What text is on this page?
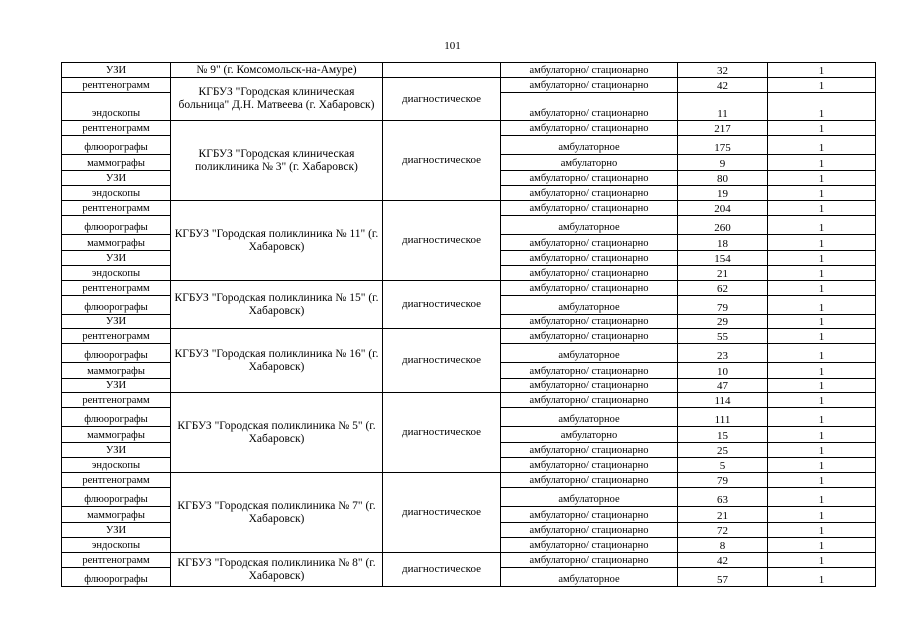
101
УЗИ	№ 9" (г. Комсомольск-на-Амуре)		амбулаторно/ стационарно	32	1
рентгенограмм	КГБУЗ "Городская клиническая больница" Д.Н. Матвеева (г. Хабаровск)	диагностическое	амбулаторно/ стационарно	42	1
эндоскопы			амбулаторно/ стационарно	11	1
рентгенограмм	КГБУЗ "Городская клиническая поликлиника № 3" (г. Хабаровск)	диагностическое	амбулаторно/ стационарно	217	1
флюорографы			амбулаторное	175	1
маммографы			амбулаторно	9	1
УЗИ			амбулаторно/ стационарно	80	1
эндоскопы			амбулаторно/ стационарно	19	1
рентгенограмм	КГБУЗ "Городская поликлиника № 11" (г. Хабаровск)	диагностическое	амбулаторно/ стационарно	204	1
флюорографы			амбулаторное	260	1
маммографы			амбулаторно/ стационарно	18	1
УЗИ			амбулаторно/ стационарно	154	1
эндоскопы			амбулаторно/ стационарно	21	1
рентгенограмм	КГБУЗ "Городская поликлиника № 15" (г. Хабаровск)	диагностическое	амбулаторно/ стационарно	62	1
флюорографы			амбулаторное	79	1
УЗИ			амбулаторно/ стационарно	29	1
рентгенограмм	КГБУЗ "Городская поликлиника № 16" (г. Хабаровск)	диагностическое	амбулаторно/ стационарно	55	1
флюорографы			амбулаторное	23	1
маммографы			амбулаторно/ стационарно	10	1
УЗИ			амбулаторно/ стационарно	47	1
рентгенограмм	КГБУЗ "Городская поликлиника № 5" (г. Хабаровск)	диагностическое	амбулаторно/ стационарно	114	1
флюорографы			амбулаторное	111	1
маммографы			амбулаторно	15	1
УЗИ			амбулаторно/ стационарно	25	1
эндоскопы			амбулаторно/ стационарно	5	1
рентгенограмм	КГБУЗ "Городская поликлиника № 7" (г. Хабаровск)	диагностическое	амбулаторно/ стационарно	79	1
флюорографы			амбулаторное	63	1
маммографы			амбулаторно/ стационарно	21	1
УЗИ			амбулаторно/ стационарно	72	1
эндоскопы			амбулаторно/ стационарно	8	1
рентгенограмм	КГБУЗ "Городская поликлиника № 8" (г. Хабаровск)	диагностическое	амбулаторно/ стационарно	42	1
флюорографы			амбулаторное	57	1
